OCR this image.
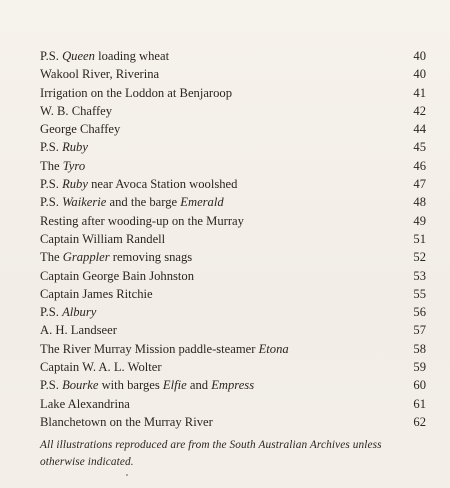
P.S. Queen loading wheat	40
Wakool River, Riverina	40
Irrigation on the Loddon at Benjaroop	41
W. B. Chaffey	42
George Chaffey	44
P.S. Ruby	45
The Tyro	46
P.S. Ruby near Avoca Station woolshed	47
P.S. Waikerie and the barge Emerald	48
Resting after wooding-up on the Murray	49
Captain William Randell	51
The Grappler removing snags	52
Captain George Bain Johnston	53
Captain James Ritchie	55
P.S. Albury	56
A. H. Landseer	57
The River Murray Mission paddle-steamer Etona	58
Captain W. A. L. Wolter	59
P.S. Bourke with barges Elfie and Empress	60
Lake Alexandrina	61
Blanchetown on the Murray River	62
All illustrations reproduced are from the South Australian Archives unless otherwise indicated.
